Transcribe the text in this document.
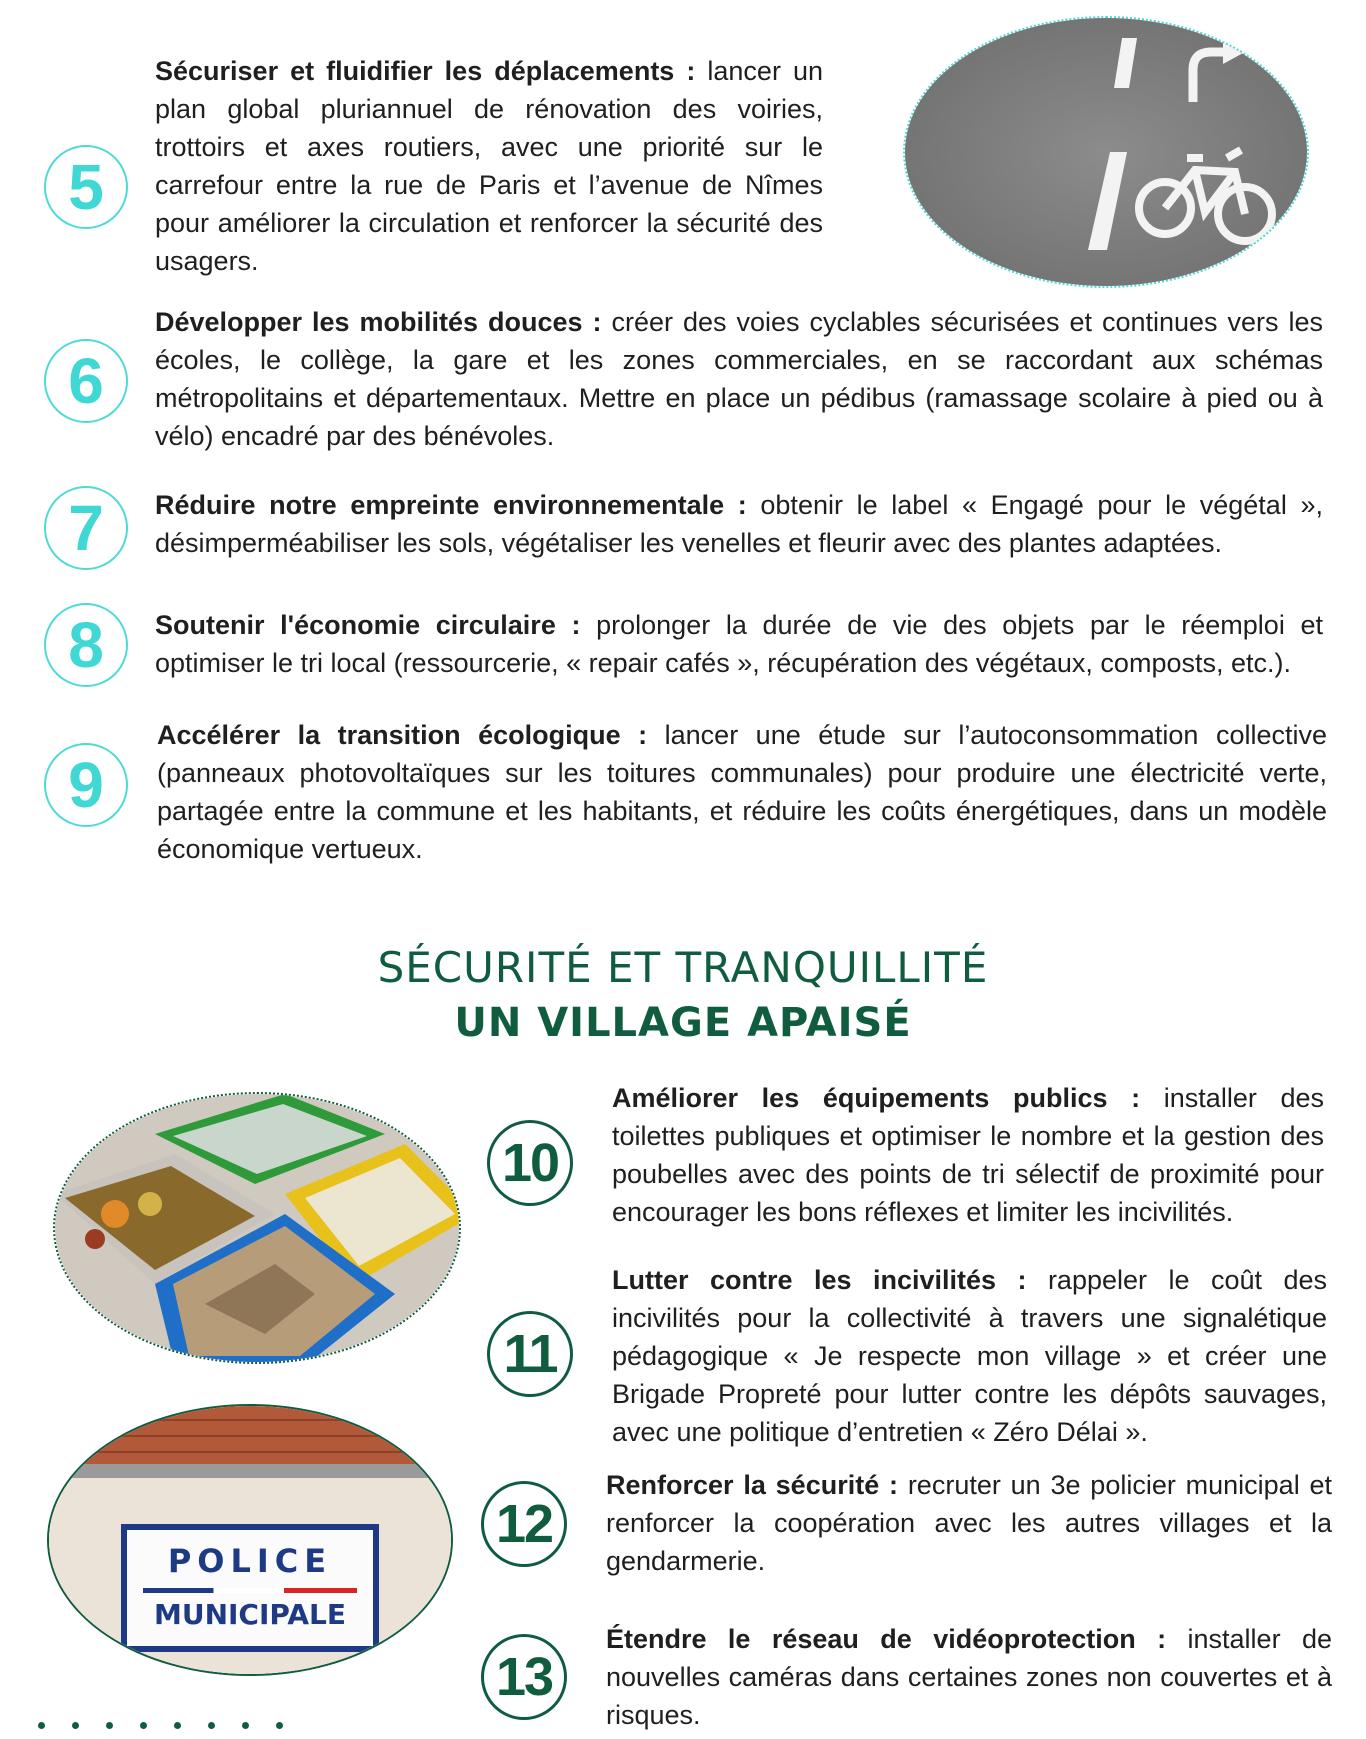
5
Sécuriser et fluidifier les déplacements : lancer un plan global pluriannuel de rénovation des voiries, trottoirs et axes routiers, avec une priorité sur le carrefour entre la rue de Paris et l’avenue de Nîmes pour améliorer la circulation et renforcer la sécurité des usagers.
6
Développer les mobilités douces : créer des voies cyclables sécurisées et continues vers les écoles, le collège, la gare et les zones commerciales, en se raccordant aux schémas métropolitains et départementaux. Mettre en place un pédibus (ramassage scolaire à pied ou à vélo) encadré par des bénévoles.
7	Réduire notre empreinte environnementale : obtenir le label « Engagé pour le végétal », désimperméabiliser les sols, végétaliser les venelles et fleurir avec des plantes adaptées.
8	Soutenir l'économie circulaire : prolonger la durée de vie des objets par le réemploi et optimiser le tri local (ressourcerie, « repair cafés », récupération des végétaux, composts, etc.).
9
Accélérer la transition écologique : lancer une étude sur l’autoconsommation collective (panneaux photovoltaïques sur les toitures communales) pour produire une électricité verte, partagée entre la commune et les habitants, et réduire les coûts énergétiques, dans un modèle économique vertueux.
SÉCURITÉ ET TRANQUILLITÉ
UN VILLAGE APAISÉ
POLICE
MUNICIPALE
10
Améliorer les équipements publics : installer des toilettes publiques et optimiser le nombre et la gestion des poubelles avec des points de tri sélectif de proximité pour encourager les bons réflexes et limiter les incivilités.
11
Lutter contre les incivilités : rappeler le coût des incivilités pour la collectivité à travers une signalétique pédagogique « Je respecte mon village » et créer une Brigade Propreté pour lutter contre les dépôts sauvages, avec une politique d’entretien « Zéro Délai ».
12
Renforcer la sécurité : recruter un 3e policier municipal et renforcer la coopération avec les autres villages et la gendarmerie.
13
Étendre le réseau de vidéoprotection : installer de nouvelles caméras dans certaines zones non couvertes et à risques.
